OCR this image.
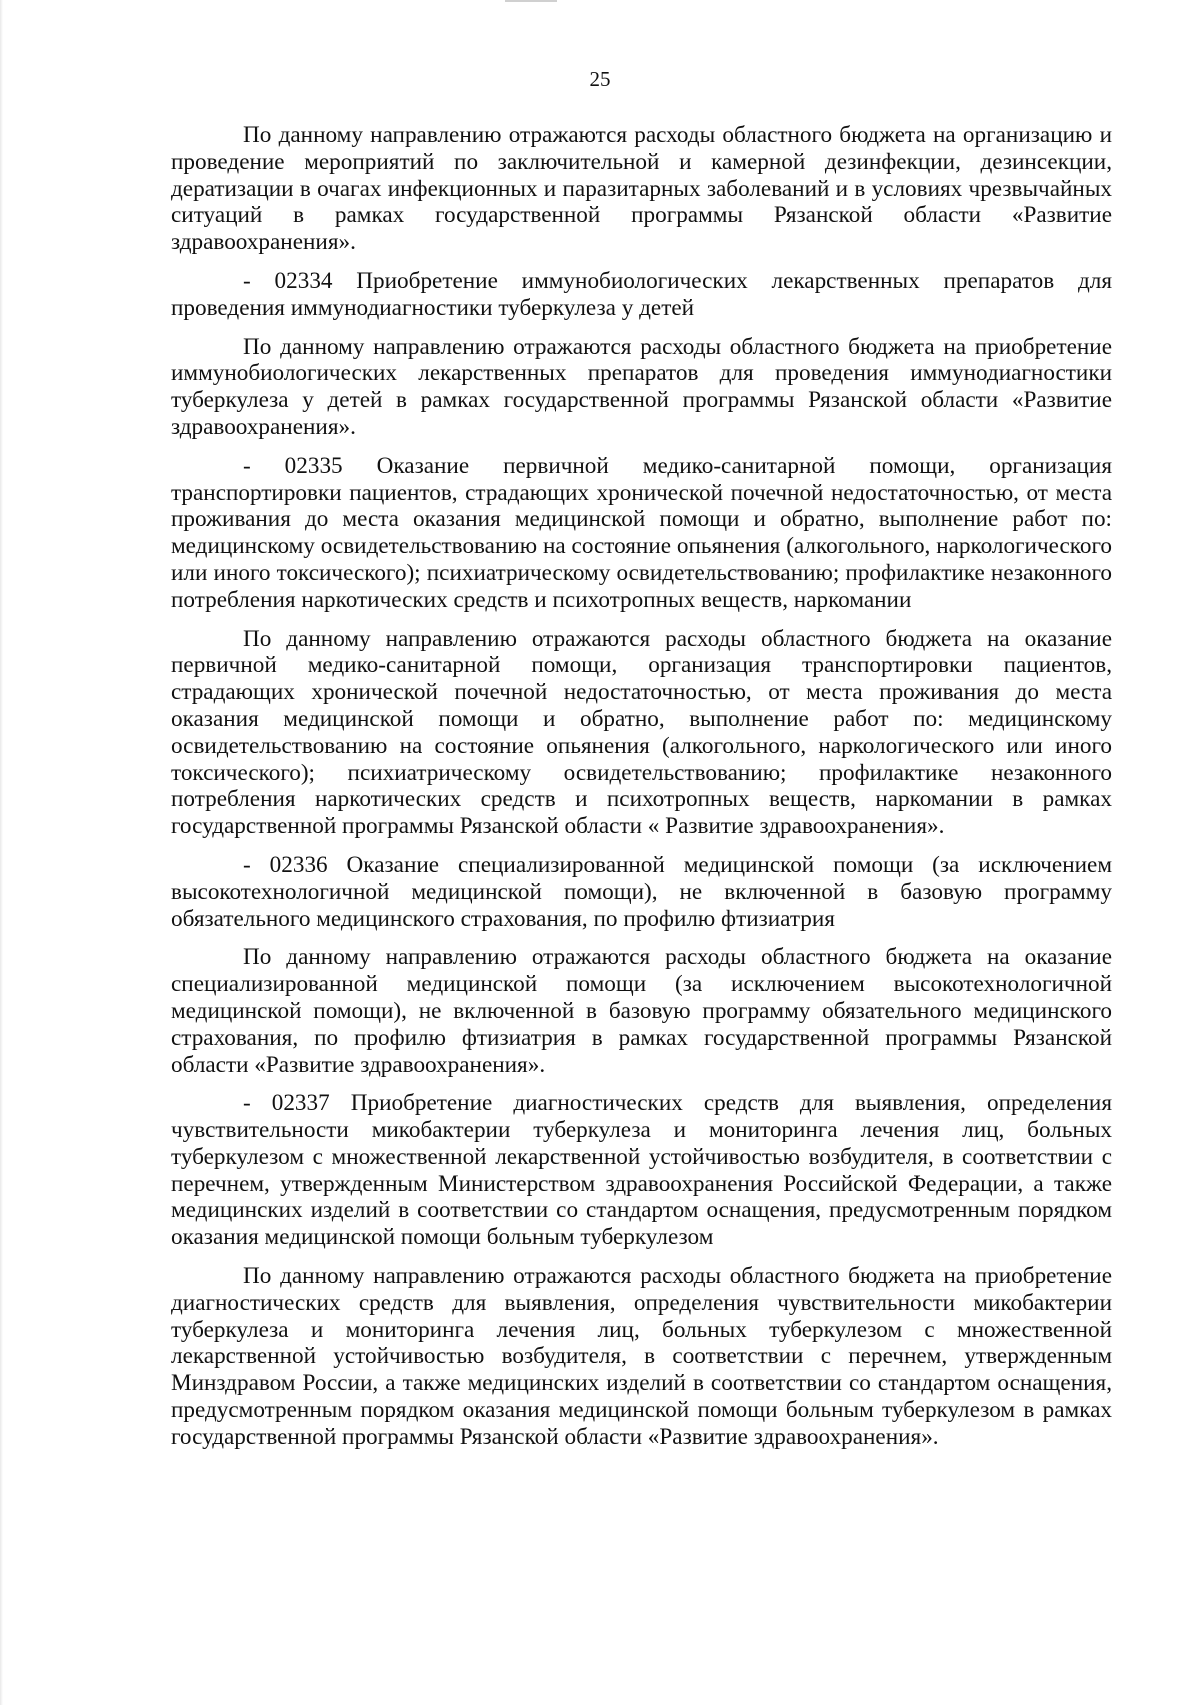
25

По данному направлению отражаются расходы областного бюджета на организацию и проведение мероприятий по заключительной и камерной дезинфекции, дезинсекции, дератизации в очагах инфекционных и паразитарных заболеваний и в условиях чрезвычайных ситуаций в рамках государственной программы Рязанской области «Развитие здравоохранения».

- 02334 Приобретение иммунобиологических лекарственных препаратов для проведения иммунодиагностики туберкулеза у детей

По данному направлению отражаются расходы областного бюджета на приобретение иммунобиологических лекарственных препаратов для проведения иммунодиагностики туберкулеза у детей в рамках государственной программы Рязанской области «Развитие здравоохранения».

- 02335 Оказание первичной медико-санитарной помощи, организация транспортировки пациентов, страдающих хронической почечной недостаточностью, от места проживания до места оказания медицинской помощи и обратно, выполнение работ по: медицинскому освидетельствованию на состояние опьянения (алкогольного, наркологического или иного токсического); психиатрическому освидетельствованию; профилактике незаконного потребления наркотических средств и психотропных веществ, наркомании

По данному направлению отражаются расходы областного бюджета на оказание первичной медико-санитарной помощи, организация транспортировки пациентов, страдающих хронической почечной недостаточностью, от места проживания до места оказания медицинской помощи и обратно, выполнение работ по: медицинскому освидетельствованию на состояние опьянения (алкогольного, наркологического или иного токсического); психиатрическому освидетельствованию; профилактике незаконного потребления наркотических средств и психотропных веществ, наркомании в рамках государственной программы Рязанской области « Развитие здравоохранения».

- 02336 Оказание специализированной медицинской помощи (за исключением высокотехнологичной медицинской помощи), не включенной в базовую программу обязательного медицинского страхования, по профилю фтизиатрия

По данному направлению отражаются расходы областного бюджета на оказание специализированной медицинской помощи (за исключением высокотехнологичной медицинской помощи), не включенной в базовую программу обязательного медицинского страхования, по профилю фтизиатрия в рамках государственной программы Рязанской области «Развитие здравоохранения».

- 02337 Приобретение диагностических средств для выявления, определения чувствительности микобактерии туберкулеза и мониторинга лечения лиц, больных туберкулезом с множественной лекарственной устойчивостью возбудителя, в соответствии с перечнем, утвержденным Министерством здравоохранения Российской Федерации, а также медицинских изделий в соответствии со стандартом оснащения, предусмотренным порядком оказания медицинской помощи больным туберкулезом

По данному направлению отражаются расходы областного бюджета на приобретение диагностических средств для выявления, определения чувствительности микобактерии туберкулеза и мониторинга лечения лиц, больных туберкулезом с множественной лекарственной устойчивостью возбудителя, в соответствии с перечнем, утвержденным Минздравом России, а также медицинских изделий в соответствии со стандартом оснащения, предусмотренным порядком оказания медицинской помощи больным туберкулезом в рамках государственной программы Рязанской области «Развитие здравоохранения».
